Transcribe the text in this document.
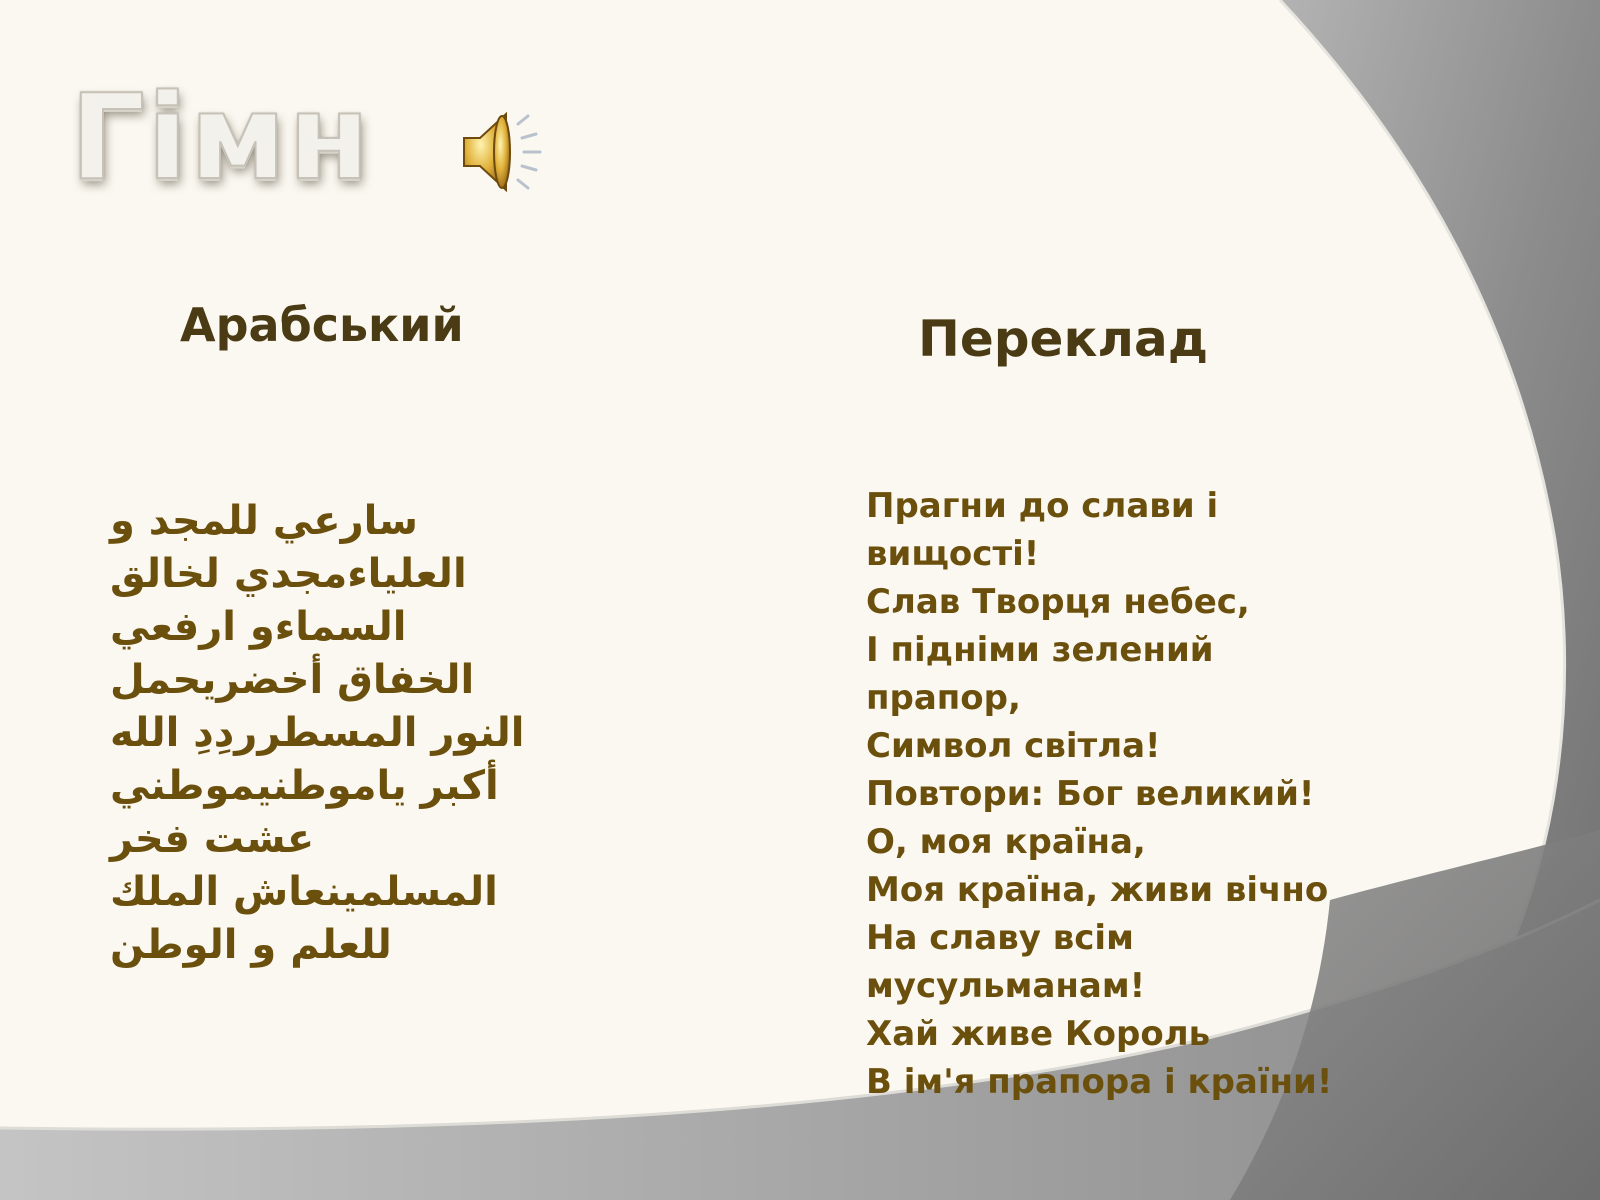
Гімн
Арабський	Переклад
سارعي للمجد و
العلياءمجدي لخالق
السماءو ارفعي
الخفاق أخضريحمل
النور المسطرردِدِ الله
أكبر ياموطنيموطني
عشت فخر
المسلمينعاش الملك
للعلم و الوطن
Прагни до слави і
вищості!
Слав Творця небес,
І підніми зелений
прапор,
Символ світла!
Повтори: Бог великий!
О, моя країна,
Моя країна, живи вічно
На славу всім
мусульманам!
Хай живе Король
В ім'я прапора і країни!
